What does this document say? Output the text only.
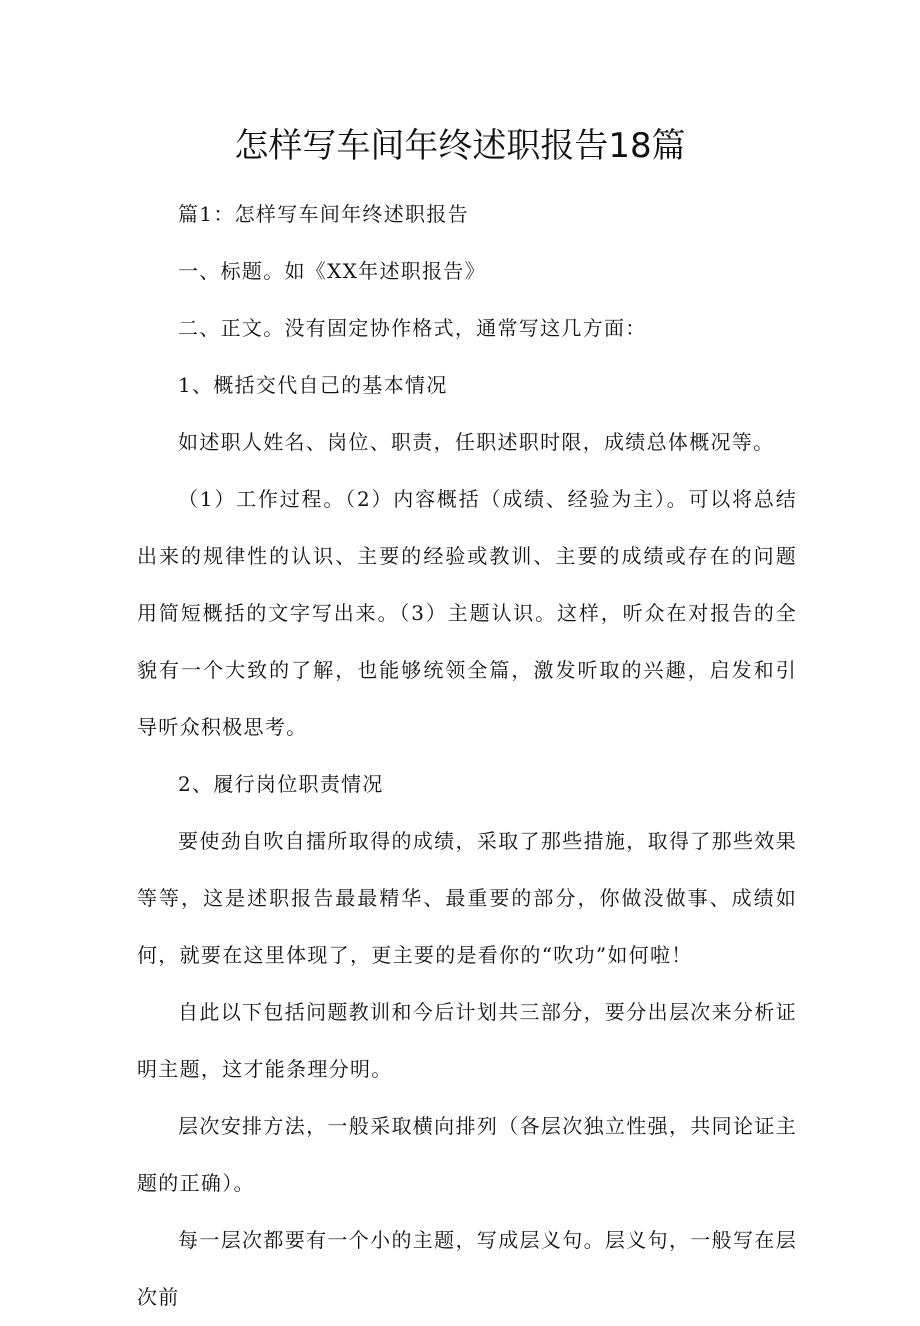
怎样写车间年终述职报告18篇

篇1：怎样写车间年终述职报告

一、标题。如《XX年述职报告》

二、正文。没有固定协作格式，通常写这几方面：

1、概括交代自己的基本情况

如述职人姓名、岗位、职责，任职述职时限，成绩总体概况等。

（1）工作过程。（2）内容概括（成绩、经验为主）。可以将总结出来的规律性的认识、主要的经验或教训、主要的成绩或存在的问题用简短概括的文字写出来。（3）主题认识。这样，听众在对报告的全貌有一个大致的了解，也能够统领全篇，激发听取的兴趣，启发和引导听众积极思考。

2、履行岗位职责情况

要使劲自吹自擂所取得的成绩，采取了那些措施，取得了那些效果等等，这是述职报告最最精华、最重要的部分，你做没做事、成绩如何，就要在这里体现了，更主要的是看你的“吹功”如何啦！

自此以下包括问题教训和今后计划共三部分，要分出层次来分析证明主题，这才能条理分明。

层次安排方法，一般采取横向排列（各层次独立性强，共同论证主题的正确）。

每一层次都要有一个小的主题，写成层义句。层义句，一般写在层次前
